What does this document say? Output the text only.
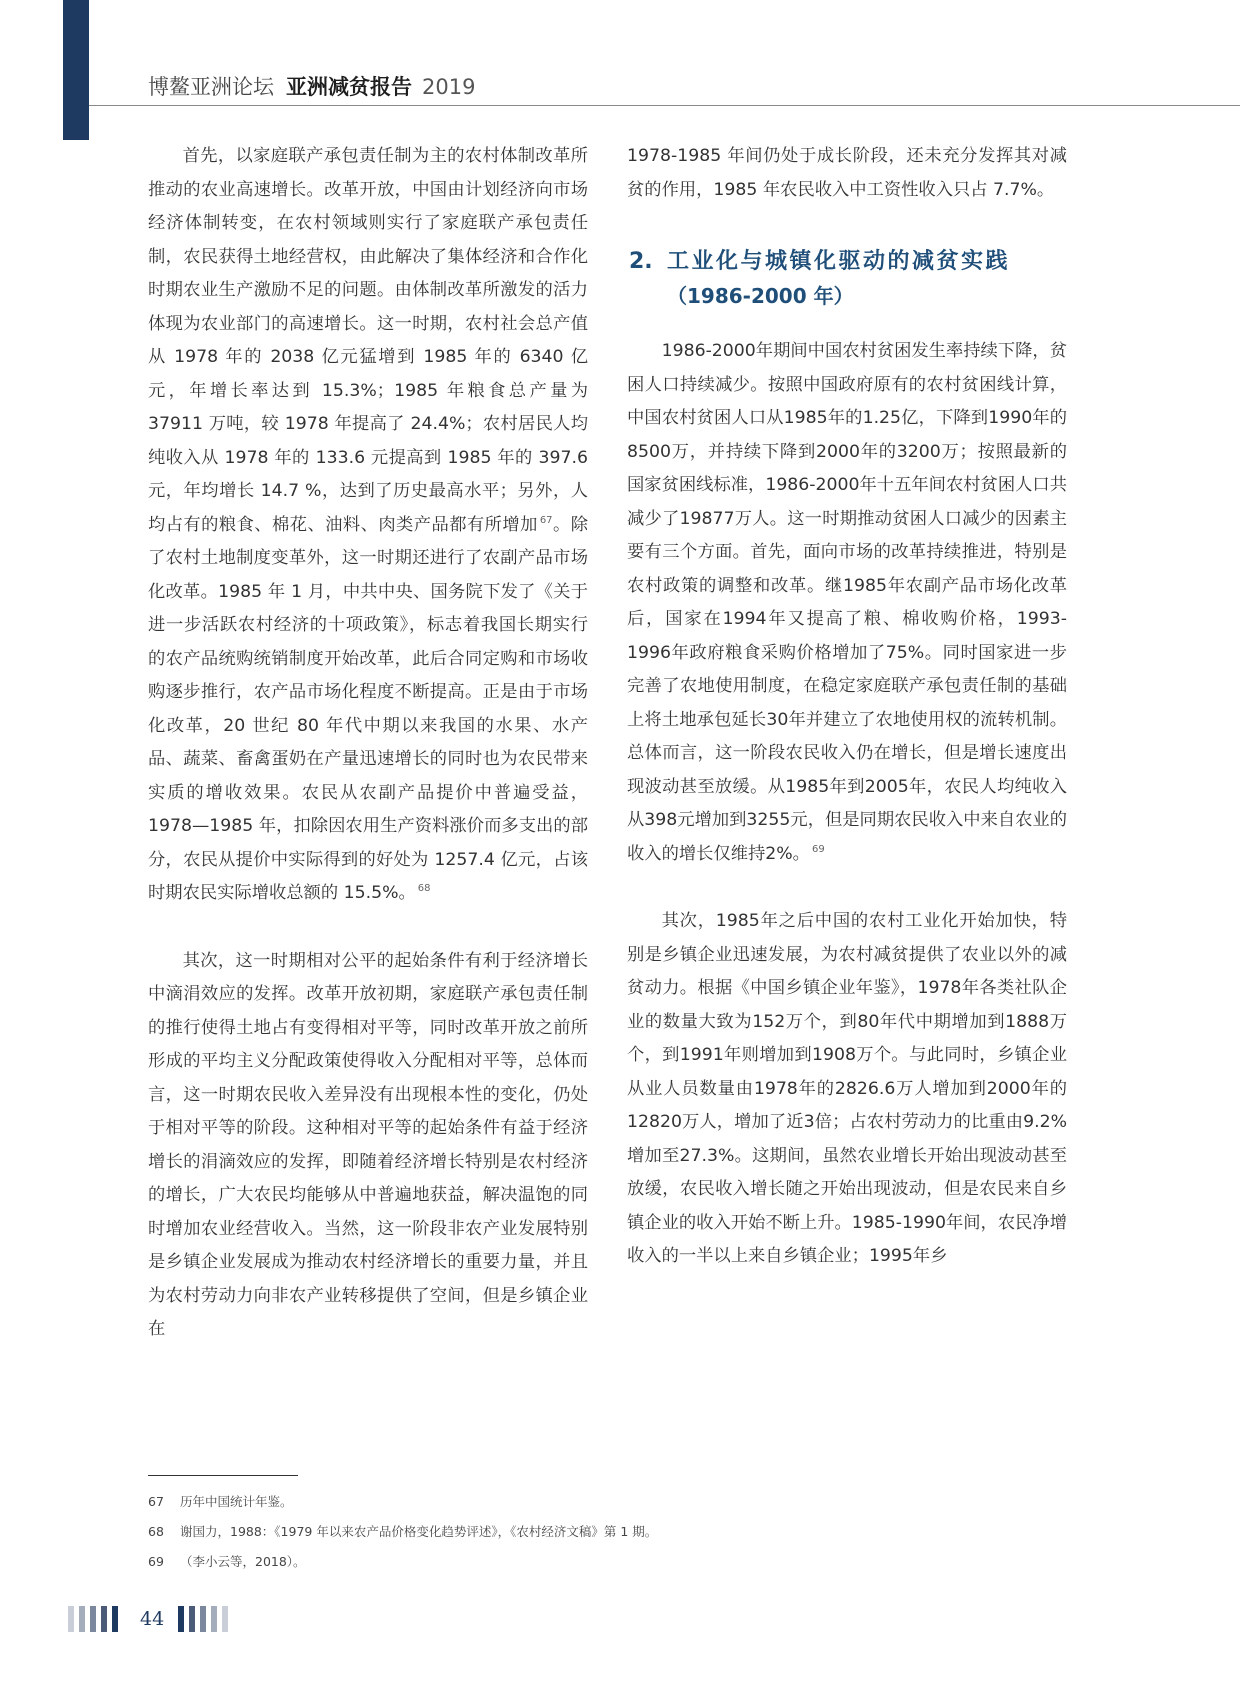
博鳌亚洲论坛 亚洲减贫报告 2019

首先，以家庭联产承包责任制为主的农村体制改革所推动的农业高速增长。改革开放，中国由计划经济向市场经济体制转变，在农村领域则实行了家庭联产承包责任制，农民获得土地经营权，由此解决了集体经济和合作化时期农业生产激励不足的问题。由体制改革所激发的活力体现为农业部门的高速增长。这一时期，农村社会总产值从 1978 年的 2038 亿元猛增到 1985 年的 6340 亿元，年增长率达到 15.3%；1985 年粮食总产量为 37911 万吨，较 1978 年提高了 24.4%；农村居民人均纯收入从 1978 年的 133.6 元提高到 1985 年的 397.6 元，年均增长 14.7 %，达到了历史最高水平；另外，人均占有的粮食、棉花、油料、肉类产品都有所增加 $^{67}$。除了农村土地制度变革外，这一时期还进行了农副产品市场化改革。1985 年 1 月，中共中央、国务院下发了《关于进一步活跃农村经济的十项政策》，标志着我国长期实行的农产品统购统销制度开始改革，此后合同定购和市场收购逐步推行，农产品市场化程度不断提高。正是由于市场化改革，20 世纪 80 年代中期以来我国的水果、水产品、蔬菜、畜禽蛋奶在产量迅速增长的同时也为农民带来实质的增收效果。农民从农副产品提价中普遍受益，1978—1985 年，扣除因农用生产资料涨价而多支出的部分，农民从提价中实际得到的好处为 1257.4 亿元，占该时期农民实际增收总额的 15.5%。 $^{68}$

其次，这一时期相对公平的起始条件有利于经济增长中滴涓效应的发挥。改革开放初期，家庭联产承包责任制的推行使得土地占有变得相对平等，同时改革开放之前所形成的平均主义分配政策使得收入分配相对平等，总体而言，这一时期农民收入差异没有出现根本性的变化，仍处于相对平等的阶段。这种相对平等的起始条件有益于经济增长的涓滴效应的发挥，即随着经济增长特别是农村经济的增长，广大农民均能够从中普遍地获益，解决温饱的同时增加农业经营收入。当然，这一阶段非农产业发展特别是乡镇企业发展成为推动农村经济增长的重要力量，并且为农村劳动力向非农产业转移提供了空间，但是乡镇企业在

1978-1985 年间仍处于成长阶段，还未充分发挥其对减贫的作用，1985 年农民收入中工资性收入只占 7.7%。

2. 工业化与城镇化驱动的减贫实践
（1986-2000 年）

1986-2000年期间中国农村贫困发生率持续下降，贫困人口持续减少。按照中国政府原有的农村贫困线计算，中国农村贫困人口从1985年的1.25亿，下降到1990年的8500万，并持续下降到2000年的3200万；按照最新的国家贫困线标准，1986-2000年十五年间农村贫困人口共减少了19877万人。这一时期推动贫困人口减少的因素主要有三个方面。首先，面向市场的改革持续推进，特别是农村政策的调整和改革。继1985年农副产品市场化改革后，国家在1994年又提高了粮、棉收购价格，1993-1996年政府粮食采购价格增加了75%。同时国家进一步完善了农地使用制度，在稳定家庭联产承包责任制的基础上将土地承包延长30年并建立了农地使用权的流转机制。总体而言，这一阶段农民收入仍在增长，但是增长速度出现波动甚至放缓。从1985年到2005年，农民人均纯收入从398元增加到3255元，但是同期农民收入中来自农业的收入的增长仅维持2%。 $^{69}$

其次，1985年之后中国的农村工业化开始加快，特别是乡镇企业迅速发展，为农村减贫提供了农业以外的减贫动力。根据《中国乡镇企业年鉴》，1978年各类社队企业的数量大致为152万个，到80年代中期增加到1888万个，到1991年则增加到1908万个。与此同时，乡镇企业从业人员数量由1978年的2826.6万人增加到2000年的12820万人，增加了近3倍；占农村劳动力的比重由9.2%增加至27.3%。这期间，虽然农业增长开始出现波动甚至放缓，农民收入增长随之开始出现波动，但是农民来自乡镇企业的收入开始不断上升。1985-1990年间，农民净增收入的一半以上来自乡镇企业；1995年乡

67 历年中国统计年鉴。
68 谢国力，1988：《1979 年以来农产品价格变化趋势评述》，《农村经济文稿》第 1 期。
69 （李小云等，2018）。
44
